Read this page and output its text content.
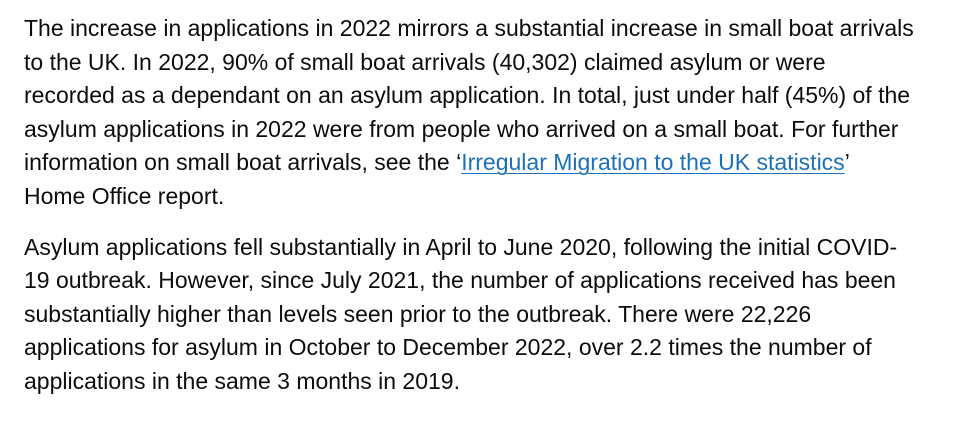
The increase in applications in 2022 mirrors a substantial increase in small boat arrivals
to the UK. In 2022, 90% of small boat arrivals (40,302) claimed asylum or were
recorded as a dependant on an asylum application. In total, just under half (45%) of the
asylum applications in 2022 were from people who arrived on a small boat. For further
information on small boat arrivals, see the ‘Irregular Migration to the UK statistics’
Home Office report.

Asylum applications fell substantially in April to June 2020, following the initial COVID-
19 outbreak. However, since July 2021, the number of applications received has been
substantially higher than levels seen prior to the outbreak. There were 22,226
applications for asylum in October to December 2022, over 2.2 times the number of
applications in the same 3 months in 2019.
